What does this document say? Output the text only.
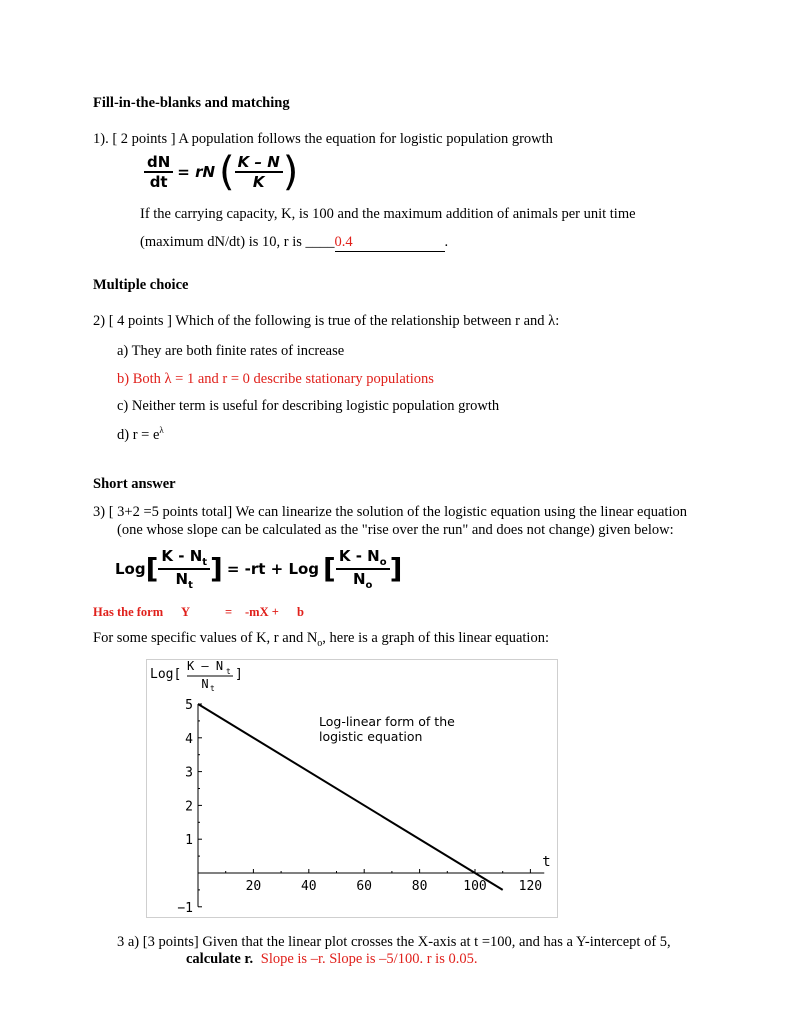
Fill-in-the-blanks and matching
1). [ 2 points ] A population follows the equation for logistic population growth
$\frac{dN}{dt}$ = rN ( $\frac{K - N}{K}$ )
If the carrying capacity, K, is 100 and the maximum addition of animals per unit time
(maximum dN/dt) is 10, r is ____0.4	.
Multiple choice
2) [ 4 points ] Which of the following is true of the relationship between r and λ:
a) They are both finite rates of increase
b) Both λ = 1 and r = 0 describe stationary populations
c) Neither term is useful for describing logistic population growth
d) $r = e^\lambda$
Short answer
3) [ 3+2 =5 points total] We can linearize the solution of the logistic equation using the linear equation
(one whose slope can be calculated as the "rise over the run" and does not change) given below:
Log [ $\frac{K - N_t}{N_t}$ ] = -rt + Log [ $\frac{K - N_o}{N_o}$ ]
Has the form Y	= -mX + b
For some specific values of K, r and $N_o$, here is a graph of this linear equation:
Log[
K – N t
N t
]
20	40	60	80	100 120
−1
1
2
3
4
5
t
Log-linear form of the
logistic equation
3 a) [3 points] Given that the linear plot crosses the X-axis at t =100, and has a Y-intercept of 5,
calculate r. Slope is –r. Slope is –5/100. r is 0.05.
